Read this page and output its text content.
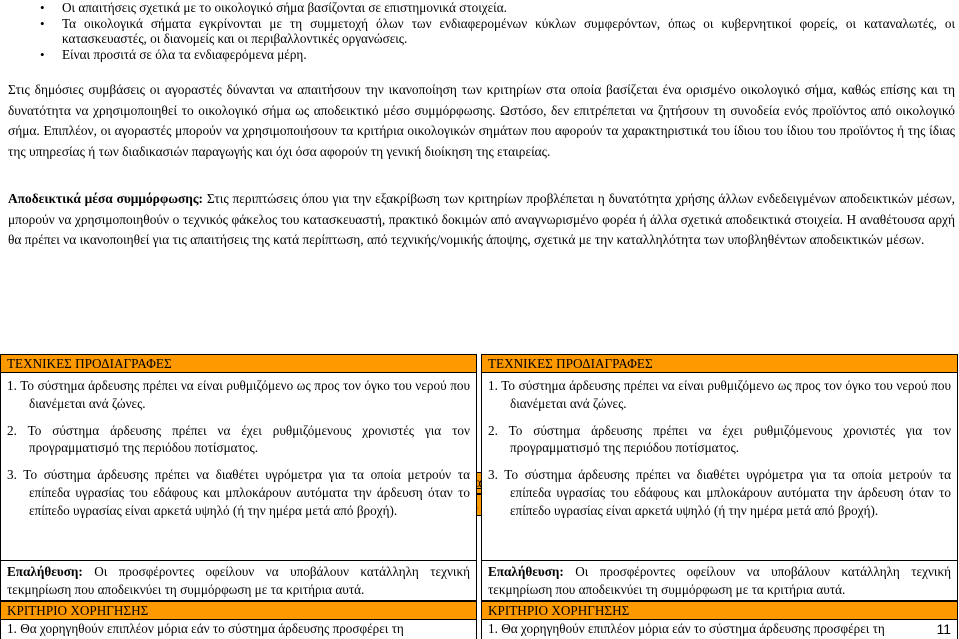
• Οι απαιτήσεις σχετικά με το οικολογικό σήμα βασίζονται σε επιστημονικά στοιχεία.
• Τα οικολογικά σήματα εγκρίνονται με τη συμμετοχή όλων των ενδιαφερομένων κύκλων συμφερόντων, όπως οι κυβερνητικοί φορείς, οι καταναλωτές, οι κατασκευαστές, οι διανομείς και οι περιβαλλοντικές οργανώσεις.
• Είναι προσιτά σε όλα τα ενδιαφερόμενα μέρη.
Στις δημόσιες συμβάσεις οι αγοραστές δύνανται να απαιτήσουν την ικανοποίηση των κριτηρίων στα οποία βασίζεται ένα ορισμένο οικολογικό σήμα, καθώς επίσης και τη δυνατότητα να χρησιμοποιηθεί το οικολογικό σήμα ως αποδεικτικό μέσο συμμόρφωσης. Ωστόσο, δεν επιτρέπεται να ζητήσουν τη συνοδεία ενός προϊόντος από οικολογικό σήμα. Επιπλέον, οι αγοραστές μπορούν να χρησιμοποιήσουν τα κριτήρια οικολογικών σημάτων που αφορούν τα χαρακτηριστικά του ίδιου του ίδιου του προϊόντος ή της ίδιας της υπηρεσίας ή των διαδικασιών παραγωγής και όχι όσα αφορούν τη γενική διοίκηση της εταιρείας.
Αποδεικτικά μέσα συμμόρφωσης: Στις περιπτώσεις όπου για την εξακρίβωση των κριτηρίων προβλέπεται η δυνατότητα χρήσης άλλων ενδεδειγμένων αποδεικτικών μέσων, μπορούν να χρησιμοποιηθούν ο τεχνικός φάκελος του κατασκευαστή, πρακτικό δοκιμών από αναγνωρισμένο φορέα ή άλλα σχετικά αποδεικτικά στοιχεία. Η αναθέτουσα αρχή θα πρέπει να ικανοποιηθεί για τις απαιτήσεις της κατά περίπτωση, από τεχνικής/νομικής άποψης, σχετικά με την καταλληλότητα των υποβληθέντων αποδεικτικών μέσων.
ΤΕΧΝΙΚΕΣ ΠΡΟΔΙΑΓΡΑΦΕΣ
1. Το σύστημα άρδευσης πρέπει να είναι ρυθμιζόμενο ως προς τον όγκο του νερού που διανέμεται ανά ζώνες.
2. Το σύστημα άρδευσης πρέπει να έχει ρυθμιζόμενους χρονιστές για τον προγραμματισμό της περιόδου ποτίσματος.
3. Το σύστημα άρδευσης πρέπει να διαθέτει υγρόμετρα για τα οποία μετρούν τα επίπεδα υγρασίας του εδάφους και μπλοκάρουν αυτόματα την άρδευση όταν το επίπεδο υγρασίας είναι αρκετά υψηλό (ή την ημέρα μετά από βροχή).
Επαλήθευση: Οι προσφέροντες οφείλουν να υποβάλουν κατάλληλη τεχνική τεκμηρίωση που αποδεικνύει τη συμμόρφωση με τα κριτήρια αυτά.
ΚΡΙΤΗΡΙΟ ΧΟΡΗΓΗΣΗΣ
1. Θα χορηγηθούν επιπλέον μόρια εάν το σύστημα άρδευσης προσφέρει τη
ΤΕΧΝΙΚΕΣ ΠΡΟΔΙΑΓΡΑΦΕΣ
1. Το σύστημα άρδευσης πρέπει να είναι ρυθμιζόμενο ως προς τον όγκο του νερού που διανέμεται ανά ζώνες.
2. Το σύστημα άρδευσης πρέπει να έχει ρυθμιζόμενους χρονιστές για τον προγραμματισμό της περιόδου ποτίσματος.
3. Το σύστημα άρδευσης πρέπει να διαθέτει υγρόμετρα για τα οποία μετρούν τα επίπεδα υγρασίας του εδάφους και μπλοκάρουν αυτόματα την άρδευση όταν το επίπεδο υγρασίας είναι αρκετά υψηλό (ή την ημέρα μετά από βροχή).
Επαλήθευση: Οι προσφέροντες οφείλουν να υποβάλουν κατάλληλη τεχνική τεκμηρίωση που αποδεικνύει τη συμμόρφωση με τα κριτήρια αυτά.
ΚΡΙΤΗΡΙΟ ΧΟΡΗΓΗΣΗΣ
1. Θα χορηγηθούν επιπλέον μόρια εάν το σύστημα άρδευσης προσφέρει τη	11
